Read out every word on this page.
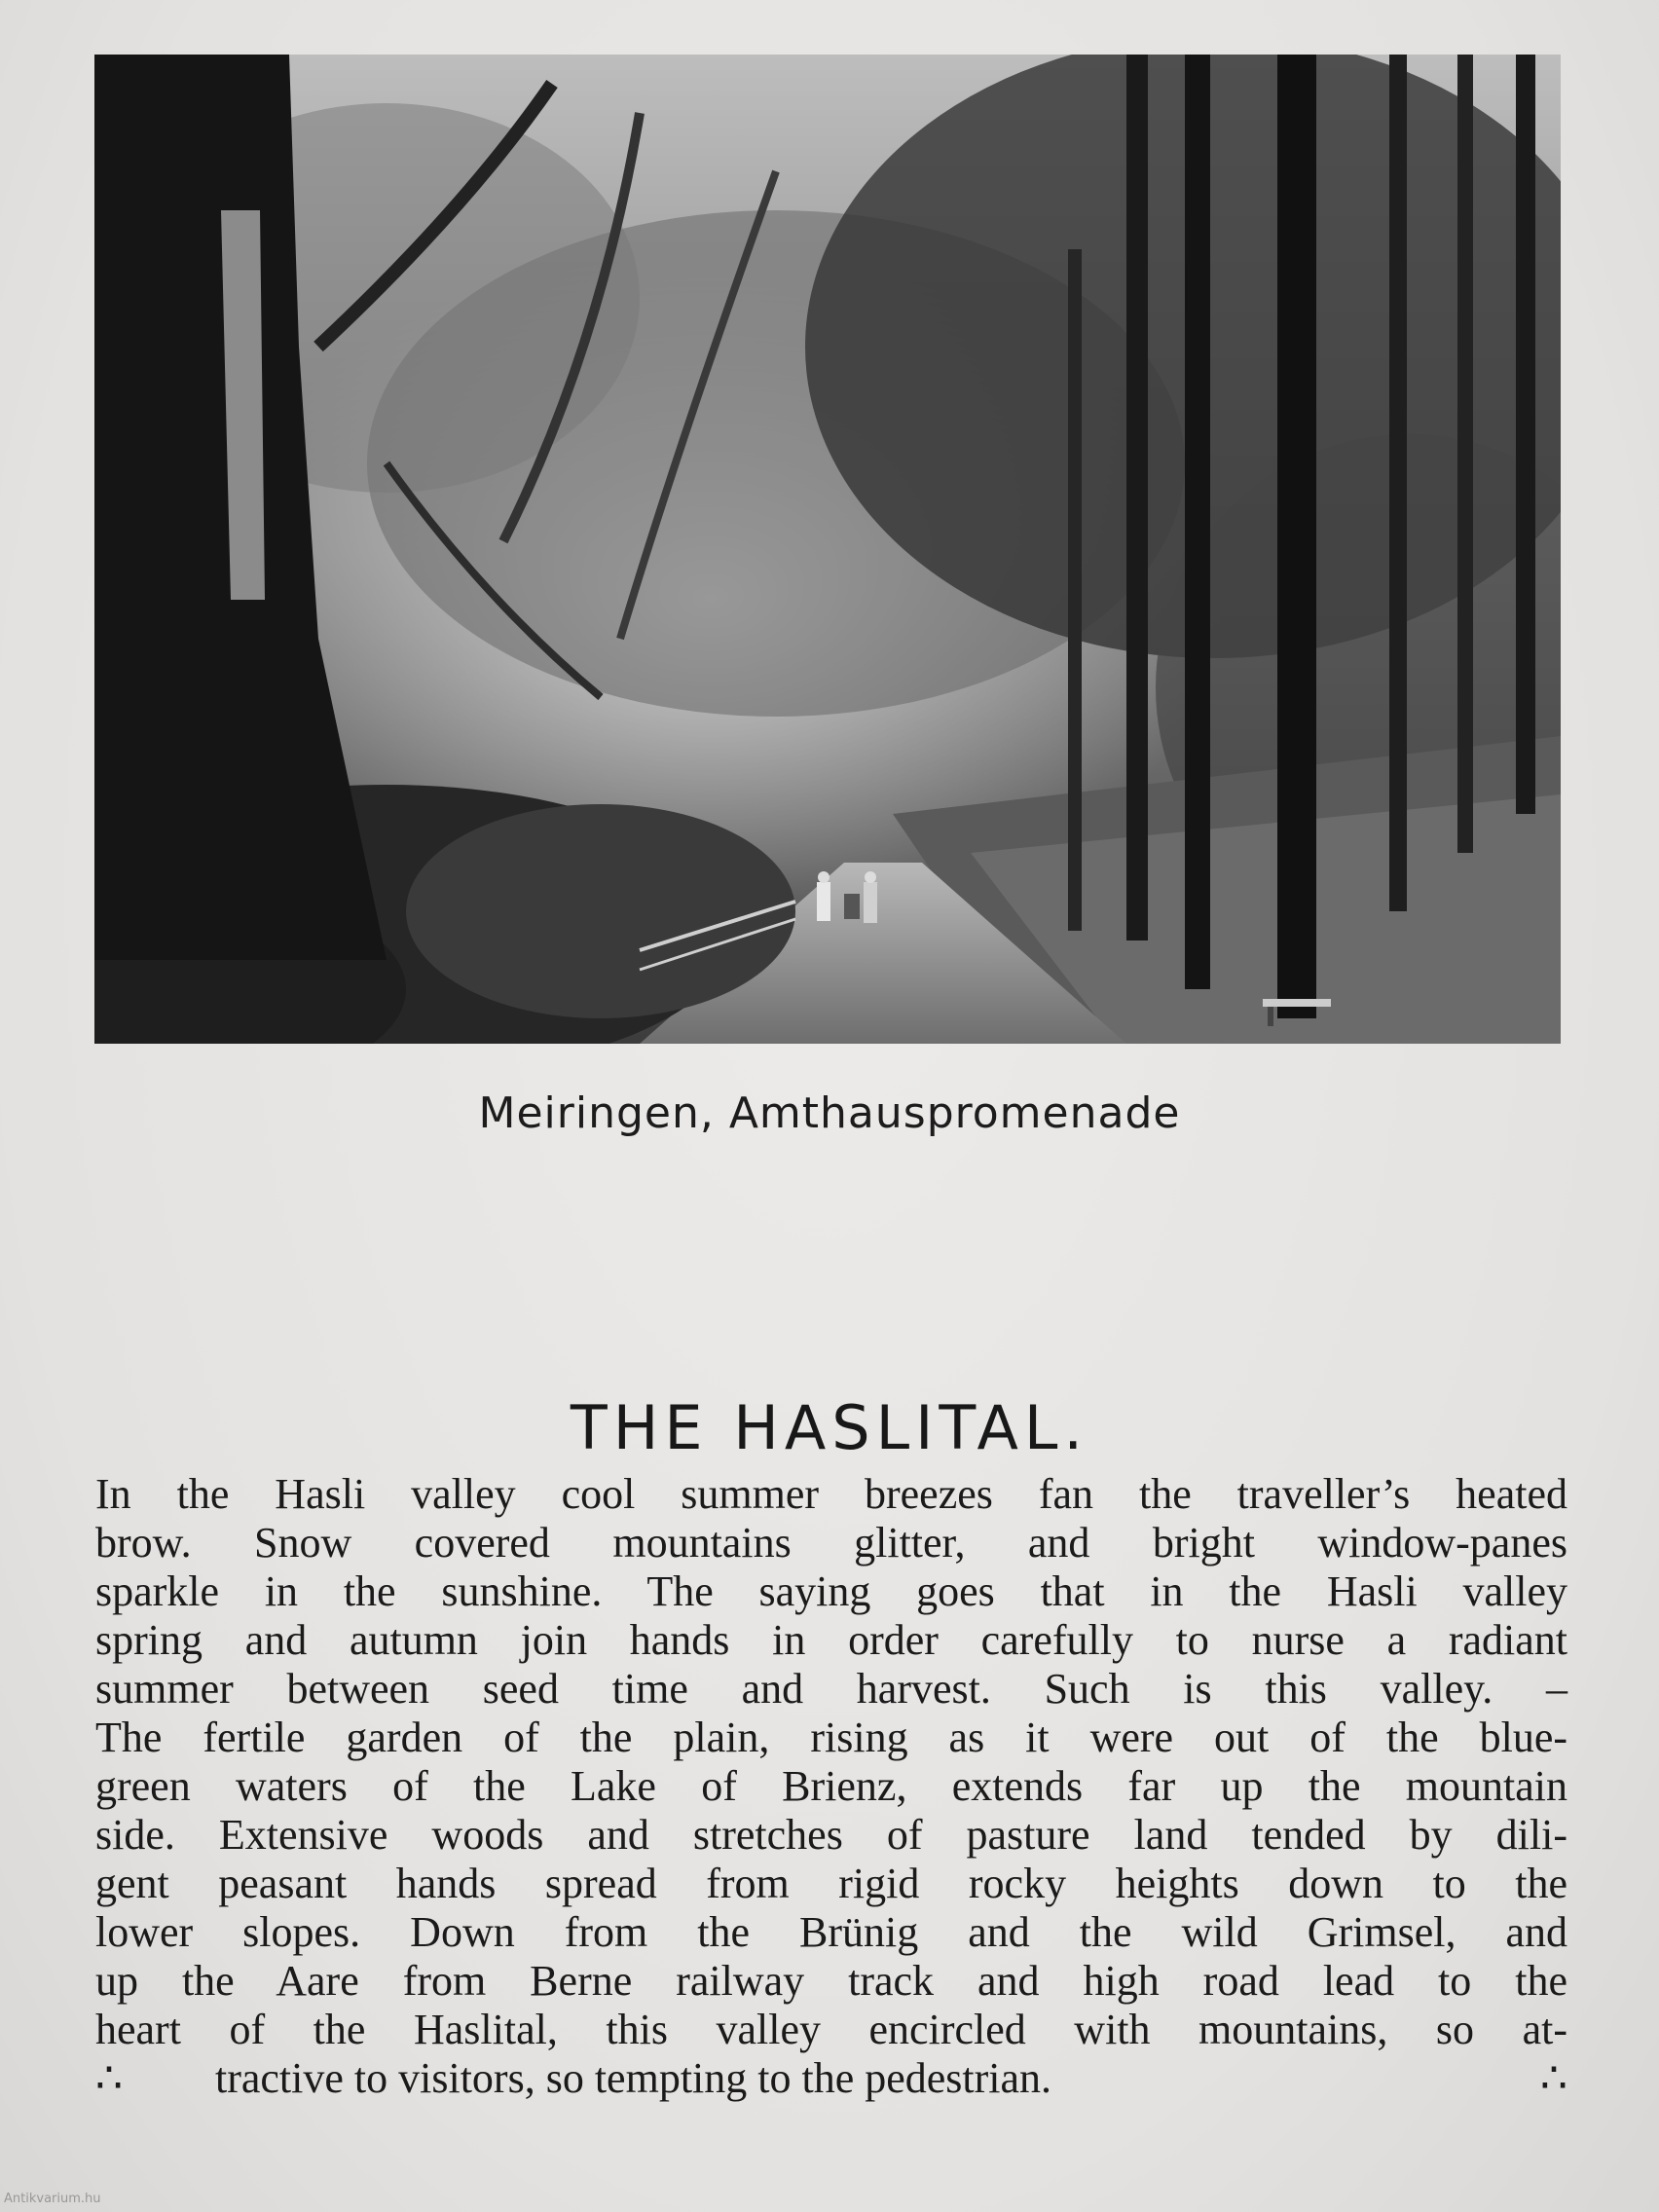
Meiringen, Amthauspromenade
THE HASLITAL.
In the Hasli valley cool summer breezes fan the traveller’s heated
brow. Snow covered mountains glitter, and bright window-panes
sparkle in the sunshine. The saying goes that in the Hasli valley
spring and autumn join hands in order carefully to nurse a radiant
summer between seed time and harvest. Such is this valley. –
The fertile garden of the plain, rising as it were out of the blue-
green waters of the Lake of Brienz, extends far up the mountain
side. Extensive woods and stretches of pasture land tended by dili-
gent peasant hands spread from rigid rocky heights down to the
lower slopes. Down from the Brünig and the wild Grimsel, and
up the Aare from Berne railway track and high road lead to the
heart of the Haslital, this valley encircled with mountains, so at-
∴	tractive to visitors, so tempting to the pedestrian.	∴
Antikvarium.hu
